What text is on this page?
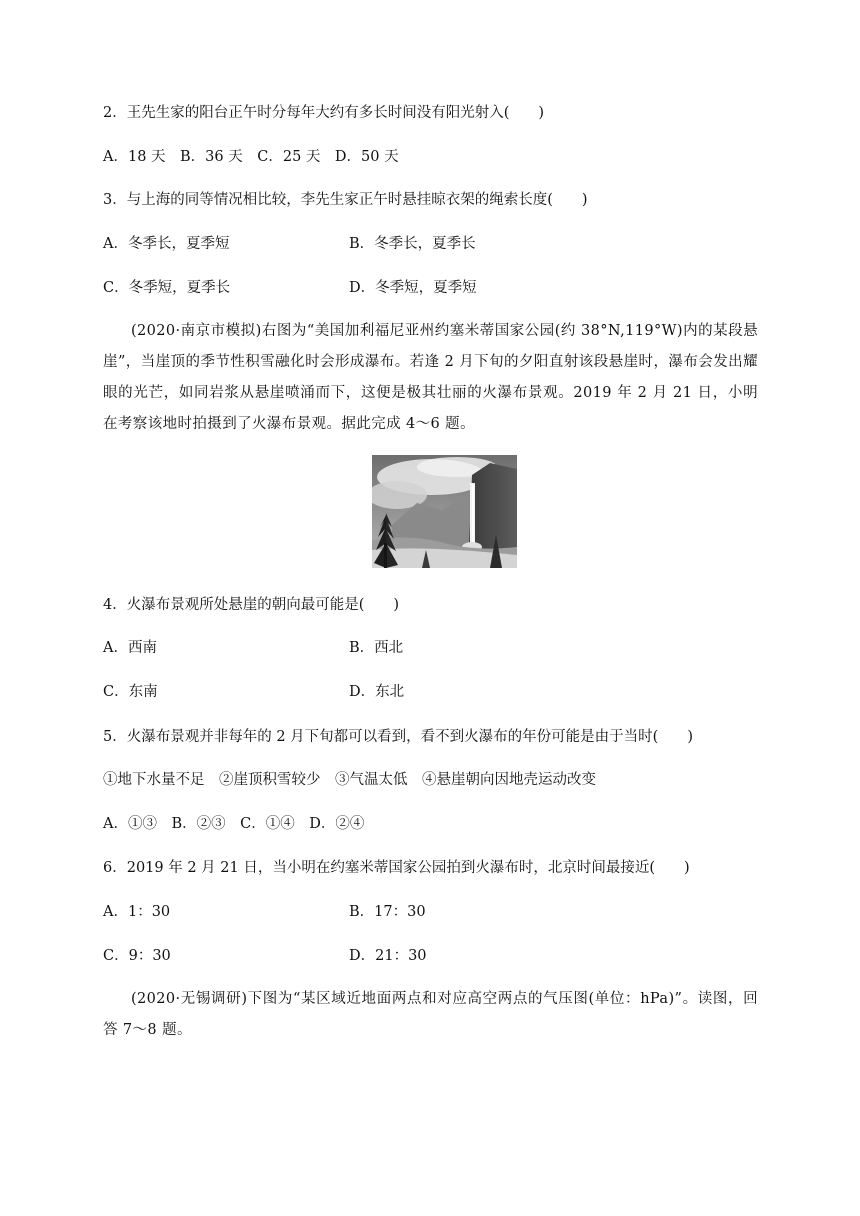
2．王先生家的阳台正午时分每年大约有多长时间没有阳光射入(　　)
A．18 天　B．36 天　C．25 天　D．50 天
3．与上海的同等情况相比较，李先生家正午时悬挂晾衣架的绳索长度(　　)
A．冬季长，夏季短	B．冬季长，夏季长
C．冬季短，夏季长	D．冬季短，夏季短
(2020·南京市模拟)右图为“美国加利福尼亚州约塞米蒂国家公园(约 38°N,119°W)内的某段悬崖”，当崖顶的季节性积雪融化时会形成瀑布。若逢 2 月下旬的夕阳直射该段悬崖时，瀑布会发出耀眼的光芒，如同岩浆从悬崖喷涌而下，这便是极其壮丽的火瀑布景观。2019 年 2 月 21 日，小明在考察该地时拍摄到了火瀑布景观。据此完成 4～6 题。
4．火瀑布景观所处悬崖的朝向最可能是(　　)
A．西南	B．西北
C．东南	D．东北
5．火瀑布景观并非每年的 2 月下旬都可以看到，看不到火瀑布的年份可能是由于当时(　　)
①地下水量不足　②崖顶积雪较少　③气温太低　④悬崖朝向因地壳运动改变
A．①③　B．②③　C．①④　D．②④
6．2019 年 2 月 21 日，当小明在约塞米蒂国家公园拍到火瀑布时，北京时间最接近(　　)
A．1：30	B．17：30
C．9：30	D．21：30
(2020·无锡调研)下图为“某区域近地面两点和对应高空两点的气压图(单位：hPa)”。读图，回答 7～8 题。
